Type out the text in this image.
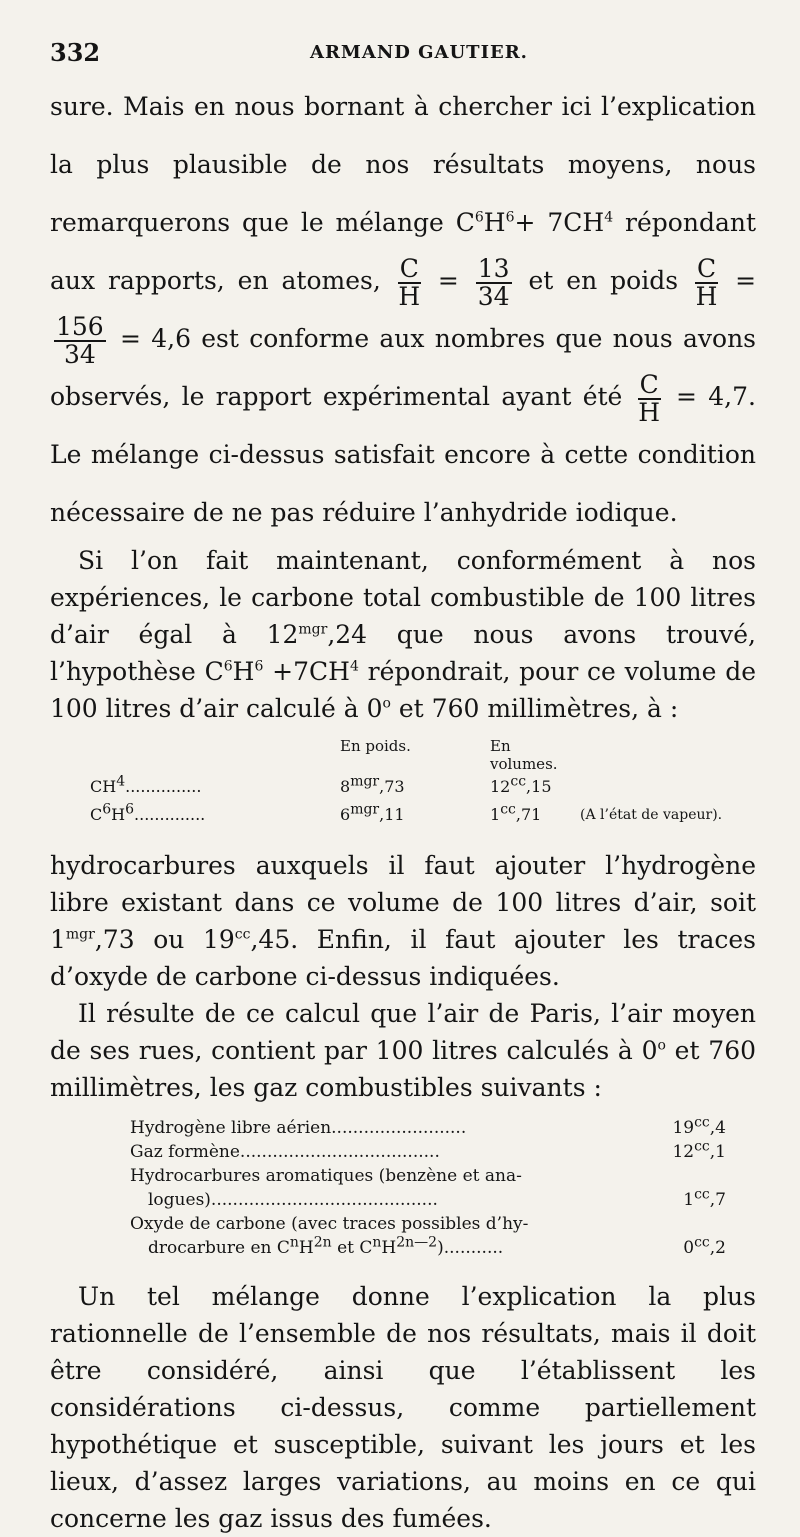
332	ARMAND GAUTIER.

sure. Mais en nous bornant à chercher ici l’explication la plus plausible de nos résultats moyens, nous remarquerons que le mélange $C^6H^6+ 7CH^4$ répondant aux rapports, en atomes, $\frac{C}{H} = \frac{13}{34}$ et en poids $\frac{C}{H}$ =
$\frac{156}{34} = 4,6$ est conforme aux nombres que nous avons observés, le rapport expérimental ayant été $\frac{C}{H} = 4,7$. Le mélange ci-dessus satisfait encore à cette condition nécessaire de ne pas réduire l’anhydride iodique.

Si l’on fait maintenant, conformément à nos expériences, le carbone total combustible de 100 litres d’air égal à $12^{mgr},24$ que nous avons trouvé, l’hypothèse $C^6H^6 +7CH^4$ répondrait, pour ce volume de 100 litres d’air calculé à 0$^o$ et 760 millimètres, à :

En poids.	En volumes.
$CH^4$...............	$8^{mgr},73$	$12^{cc},15$
$C^6H^6$..............	$6^{mgr},11$	$1^{cc},71$	(A l’état de vapeur).

hydrocarbures auxquels il faut ajouter l’hydrogène libre existant dans ce volume de 100 litres d’air, soit $1^{mgr},73$ ou $19^{cc},45$. Enfin, il faut ajouter les traces d’oxyde de carbone ci-dessus indiquées.

Il résulte de ce calcul que l’air de Paris, l’air moyen de ses rues, contient par 100 litres calculés à 0$^o$ et 760 millimètres, les gaz combustibles suivants :

Hydrogène libre aérien.........................	$19^{cc},4$
Gaz formène.....................................	$12^{cc},1$
Hydrocarbures aromatiques (benzène et ana-
logues)..........................................	$1^{cc},7$
Oxyde de carbone (avec traces possibles d’hy-
drocarbure en $C^nH^{2n}$ et $C^nH^{2n—2}$)...........	$0^{cc},2$

Un tel mélange donne l’explication la plus rationnelle de l’ensemble de nos résultats, mais il doit être considéré, ainsi que l’établissent les considérations ci-dessus, comme partiellement hypothétique et susceptible, suivant les jours et les lieux, d’assez larges variations, au moins en ce qui concerne les gaz issus des fumées.
